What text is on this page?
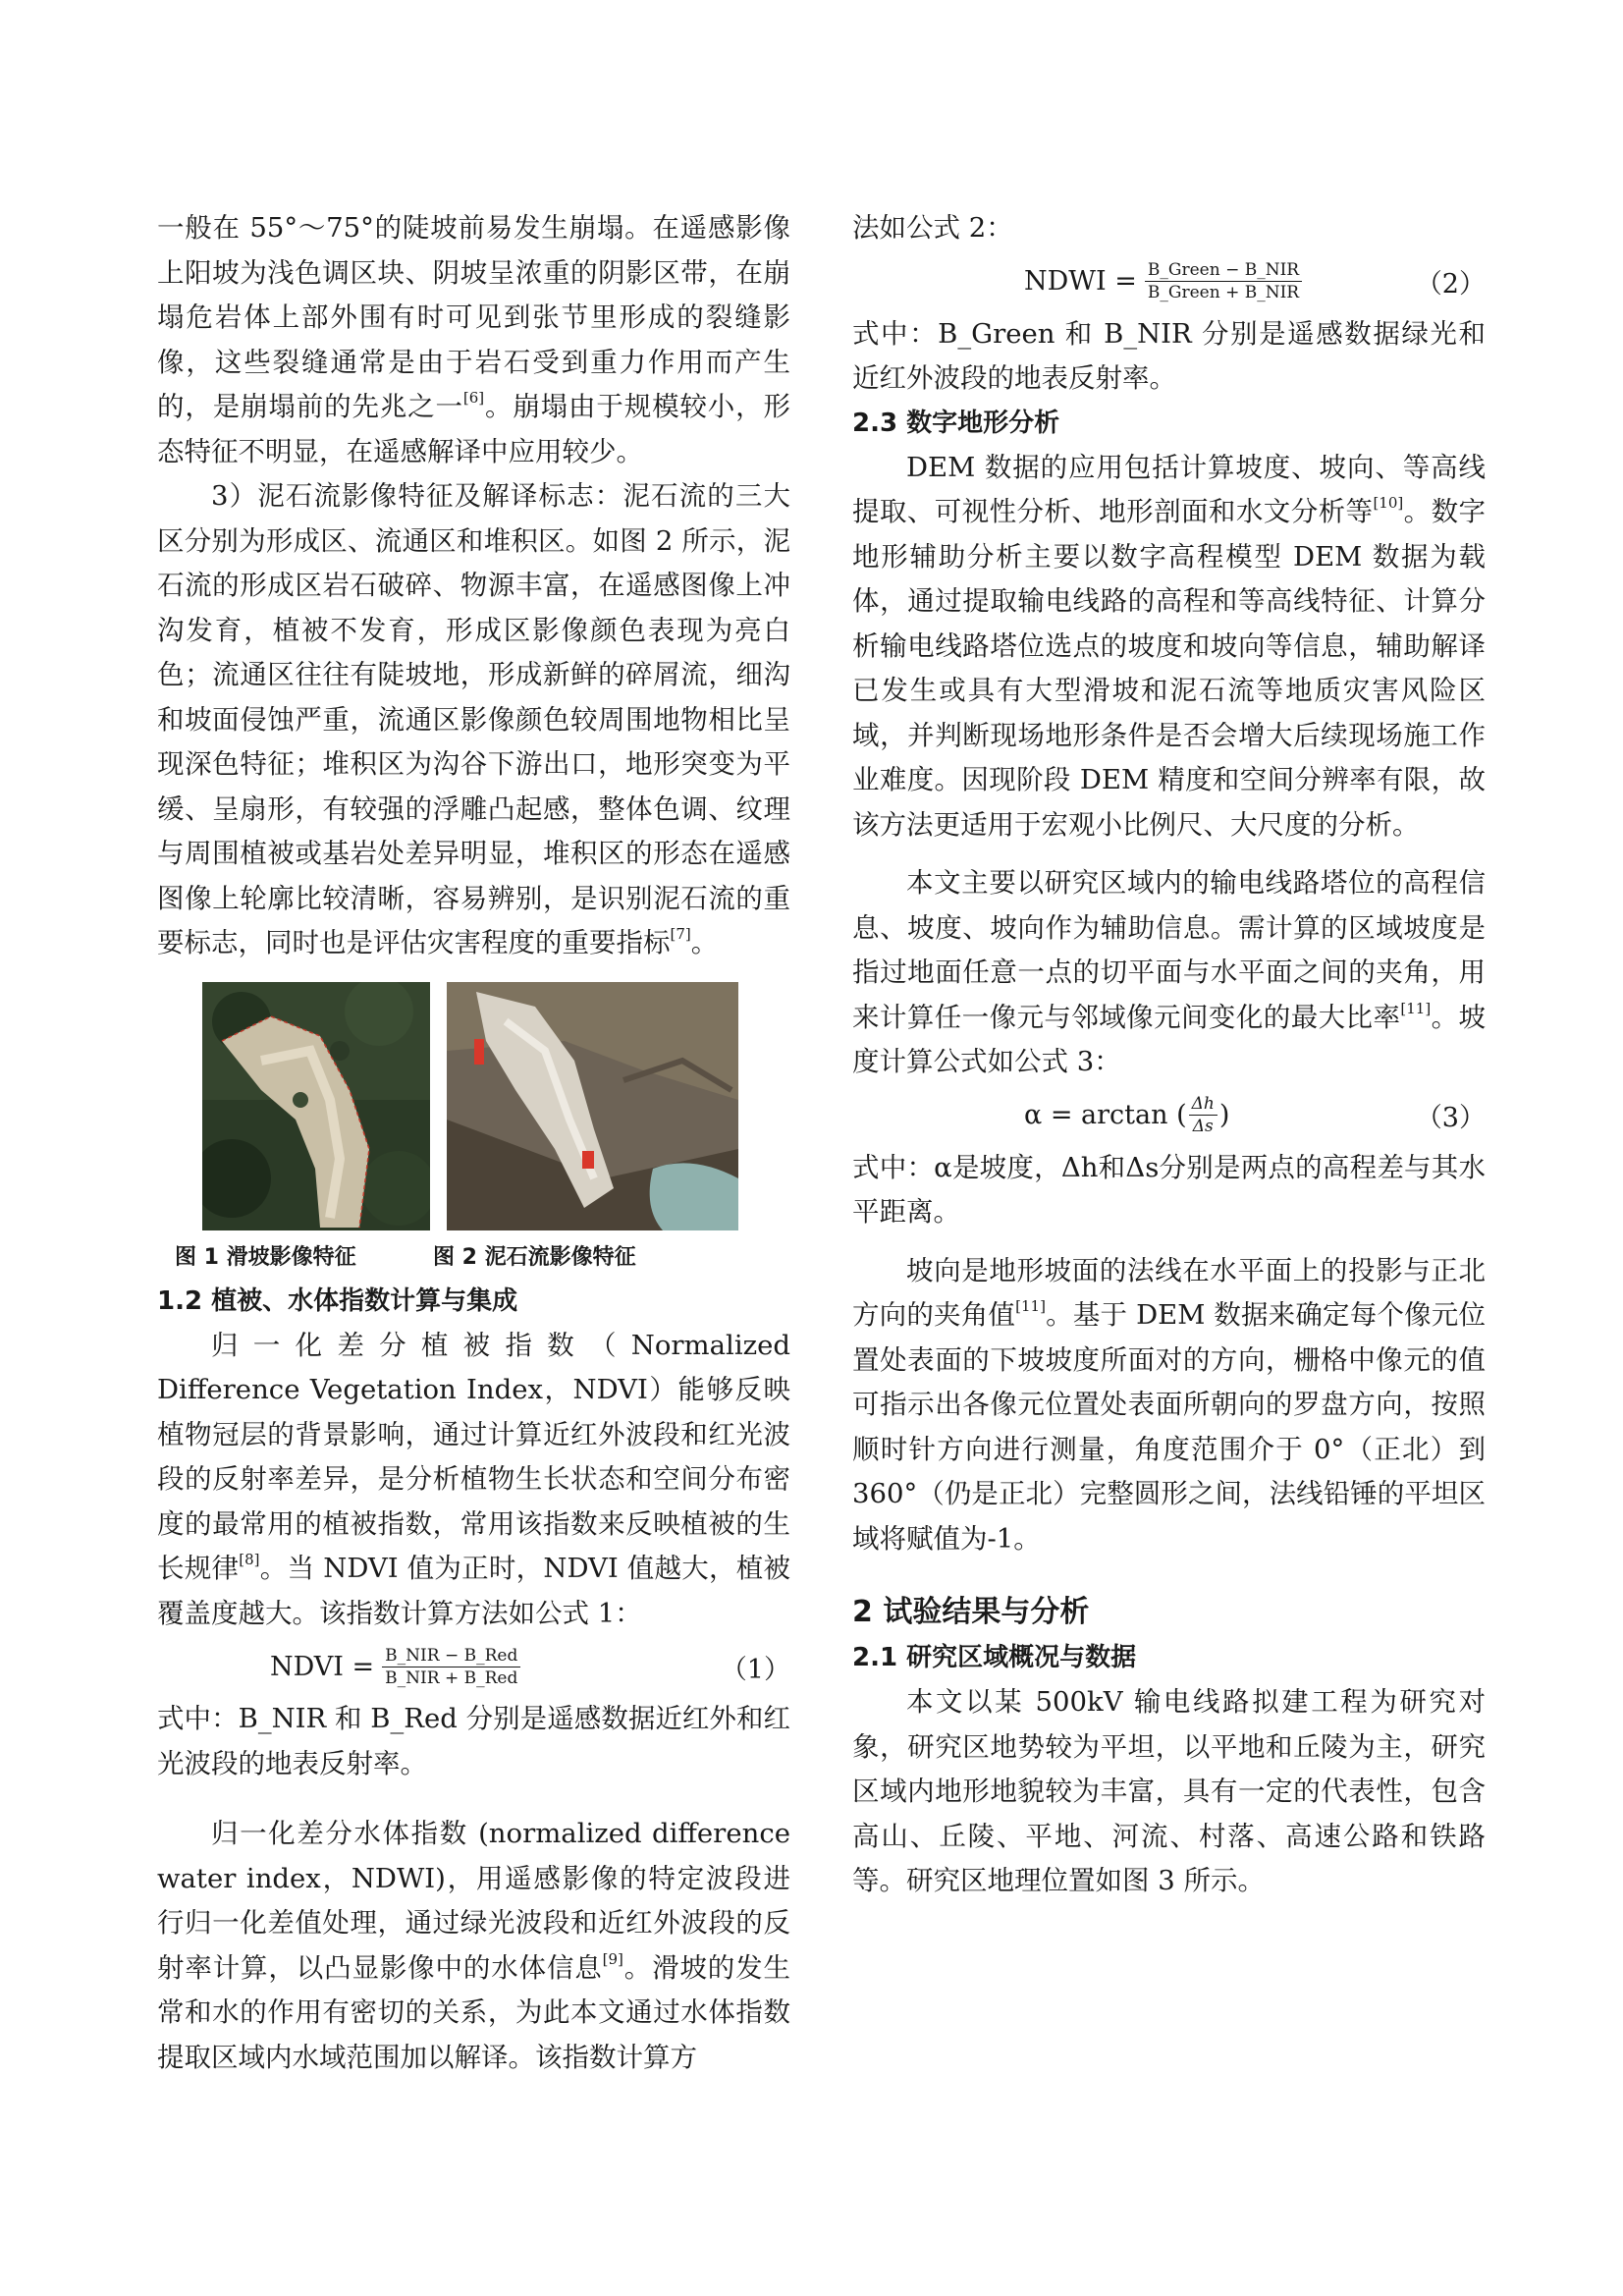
一般在 55°～75°的陡坡前易发生崩塌。在遥感影像上阳坡为浅色调区块、阴坡呈浓重的阴影区带，在崩塌危岩体上部外围有时可见到张节里形成的裂缝影像，这些裂缝通常是由于岩石受到重力作用而产生的，是崩塌前的先兆之一[6]。崩塌由于规模较小，形态特征不明显，在遥感解译中应用较少。

3）泥石流影像特征及解译标志：泥石流的三大区分别为形成区、流通区和堆积区。如图 2 所示，泥石流的形成区岩石破碎、物源丰富，在遥感图像上冲沟发育，植被不发育，形成区影像颜色表现为亮白色；流通区往往有陡坡地，形成新鲜的碎屑流，细沟和坡面侵蚀严重，流通区影像颜色较周围地物相比呈现深色特征；堆积区为沟谷下游出口，地形突变为平缓、呈扇形，有较强的浮雕凸起感，整体色调、纹理与周围植被或基岩处差异明显，堆积区的形态在遥感图像上轮廓比较清晰，容易辨别，是识别泥石流的重要标志，同时也是评估灾害程度的重要指标[7]。

图 1 滑坡影像特征	图 2 泥石流影像特征
1.2 植被、水体指数计算与集成

归一化差分植被指数（Normalized Difference Vegetation Index，NDVI）能够反映植物冠层的背景影响，通过计算近红外波段和红光波段的反射率差异，是分析植物生长状态和空间分布密度的最常用的植被指数，常用该指数来反映植被的生长规律[8]。当 NDVI 值为正时，NDVI 值越大，植被覆盖度越大。该指数计算方法如公式 1：

NDVI = $\frac{\text{B\_NIR − B\_Red}}{\text{B\_NIR + B\_Red}}$	（1）

式中：B_NIR 和 B_Red 分别是遥感数据近红外和红光波段的地表反射率。

归一化差分水体指数 (normalized difference water index，NDWI)，用遥感影像的特定波段进行归一化差值处理，通过绿光波段和近红外波段的反射率计算，以凸显影像中的水体信息[9]。滑坡的发生常和水的作用有密切的关系，为此本文通过水体指数提取区域内水域范围加以解译。该指数计算方

法如公式 2：

NDWI = $\frac{\text{B\_Green − B\_NIR}}{\text{B\_Green + B\_NIR}}$	（2）

式中：B_Green 和 B_NIR 分别是遥感数据绿光和近红外波段的地表反射率。

2.3 数字地形分析

DEM 数据的应用包括计算坡度、坡向、等高线提取、可视性分析、地形剖面和水文分析等[10]。数字地形辅助分析主要以数字高程模型 DEM 数据为载体，通过提取输电线路的高程和等高线特征、计算分析输电线路塔位选点的坡度和坡向等信息，辅助解译已发生或具有大型滑坡和泥石流等地质灾害风险区域，并判断现场地形条件是否会增大后续现场施工作业难度。因现阶段 DEM 精度和空间分辨率有限，故该方法更适用于宏观小比例尺、大尺度的分析。

本文主要以研究区域内的输电线路塔位的高程信息、坡度、坡向作为辅助信息。需计算的区域坡度是指过地面任意一点的切平面与水平面之间的夹角，用来计算任一像元与邻域像元间变化的最大比率[11]。坡度计算公式如公式 3：

α = arctan ( $\frac{\Delta h}{\Delta s}$ )	（3）

式中：α是坡度，Δh和Δs分别是两点的高程差与其水平距离。

坡向是地形坡面的法线在水平面上的投影与正北方向的夹角值[11]。基于 DEM 数据来确定每个像元位置处表面的下坡坡度所面对的方向，栅格中像元的值可指示出各像元位置处表面所朝向的罗盘方向，按照顺时针方向进行测量，角度范围介于 0°（正北）到 360°（仍是正北）完整圆形之间，法线铅锤的平坦区域将赋值为-1。

2 试验结果与分析
2.1 研究区域概况与数据

本文以某 500kV 输电线路拟建工程为研究对象，研究区地势较为平坦，以平地和丘陵为主，研究区域内地形地貌较为丰富，具有一定的代表性，包含高山、丘陵、平地、河流、村落、高速公路和铁路等。研究区地理位置如图 3 所示。
